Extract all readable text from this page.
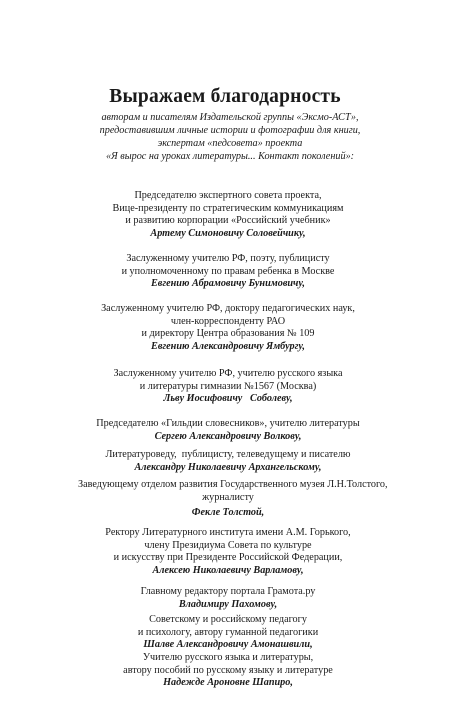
Выражаем благодарность
авторам и писателям Издательской группы «Эксмо-АСТ»,
предоставившим личные истории и фотографии для книги,
экспертам «педсовета» проекта
«Я вырос на уроках литературы... Контакт поколений»:
Председателю экспертного совета проекта,
Вице-президенту по стратегическим коммуникациям
и развитию корпорации «Российский учебник»
Артему Симоновичу Соловейчику,
Заслуженному учителю РФ, поэту, публицисту
и уполномоченному по правам ребенка в Москве
Евгению Абрамовичу Бунимовичу,
Заслуженному учителю РФ, доктору педагогических наук,
член-корреспонденту РАО
и директору Центра образования № 109
Евгению Александровичу Ямбургу,
Заслуженному учителю РФ, учителю русского языка
и литературы гимназии №1567 (Москва)
Льву Иосифовичу   Соболеву,
Председателю «Гильдии словесников», учителю литературы
Сергею Александровичу Волкову,
Литературоведу,  публицисту, телеведущему и писателю
Александру Николаевичу Архангельскому,
Заведующему отделом развития Государственного музея Л.Н.Толстого,
журналисту
Фекле Толстой,
Ректору Литературного института имени А.М. Горького,
члену Президиума Совета по культуре
и искусству при Президенте Российской Федерации,
Алексею Николаевичу Варламову,
Главному редактору портала Грамота.ру
Владимиру Пахомову,
Советскому и российскому педагогу
и психологу, автору гуманной педагогики
Шалве Александровичу Амонашвили,
Учителю русского языка и литературы,
автору пособий по русскому языку и литературе
Надежде Ароновне Шапиро,
